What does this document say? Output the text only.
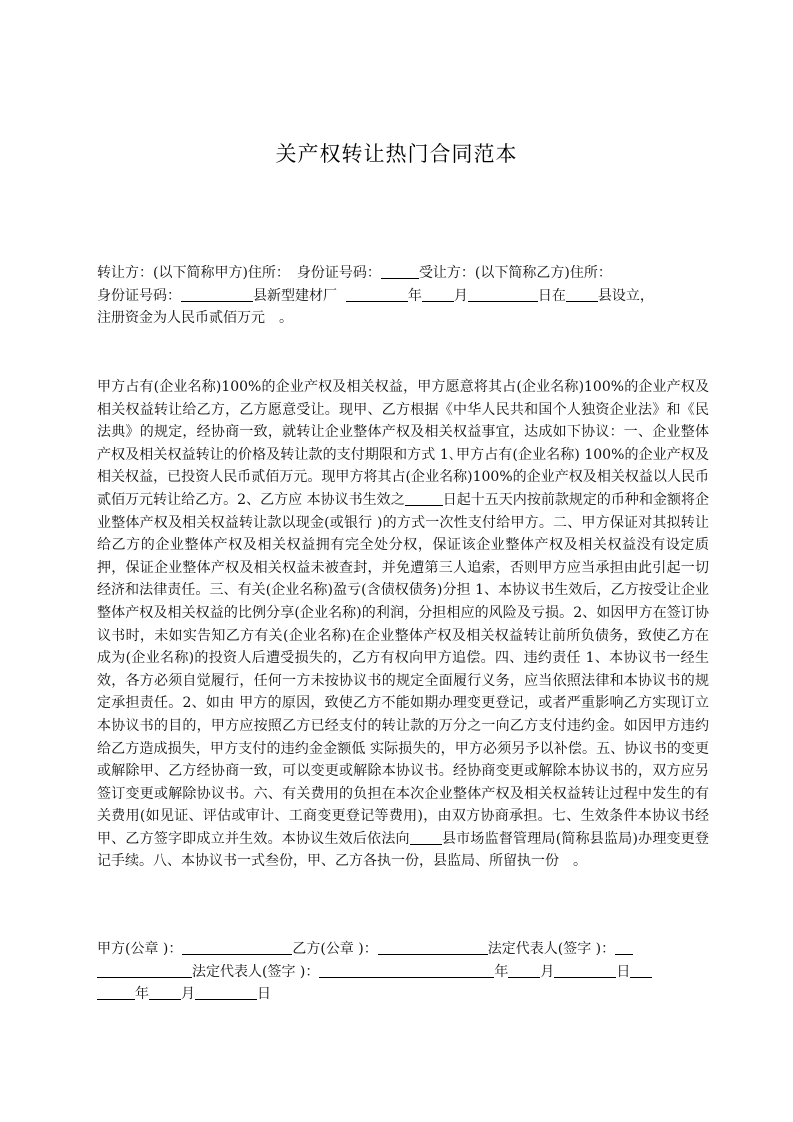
关产权转让热门合同范本
转让方：(以下简称甲方)住所：　身份证号码：	受让方：(以下简称乙方)住所：
身份证号码：	县新型建材厂	年 月	日在 县设立，
注册资金为人民币贰佰万元　。
甲方占有(企业名称)100%的企业产权及相关权益，甲方愿意将其占(企业名称)100%的企业产权及相关权益转让给乙方，乙方愿意受让。现甲、乙方根据《中华人民共和国个人独资企业法》和《民法典》的规定，经协商一致，就转让企业整体产权及相关权益事宜，达成如下协议：一、企业整体产权及相关权益转让的价格及转让款的支付期限和方式 1､甲方占有(企业名称) 100%的企业产权及相关权益，已投资人民币贰佰万元。现甲方将其占(企业名称)100%的企业产权及相关权益以人民币贰佰万元转让给乙方。2、乙方应 本协议书生效之	日起十五天内按前款规定的币种和金额将企业整体产权及相关权益转让款以现金(或银行 )的方式一次性支付给甲方。二、甲方保证对其拟转让给乙方的企业整体产权及相关权益拥有完全处分权，保证该企业整体产权及相关权益没有设定质押，保证企业整体产权及相关权益未被查封，并免遭第三人追索，否则甲方应当承担由此引起一切经济和法律责任。三、有关(企业名称)盈亏(含债权债务)分担 1、本协议书生效后，乙方按受让企业整体产权及相关权益的比例分享(企业名称)的利润，分担相应的风险及亏损。2、如因甲方在签订协议书时，未如实告知乙方有关(企业名称)在企业整体产权及相关权益转让前所负债务，致使乙方在成为(企业名称)的投资人后遭受损失的，乙方有权向甲方追偿。四、违约责任 1、本协议书一经生效，各方必须自觉履行，任何一方未按协议书的规定全面履行义务，应当依照法律和本协议书的规定承担责任。2、如由 甲方的原因，致使乙方不能如期办理变更登记，或者严重影响乙方实现订立本协议书的目的，甲方应按照乙方已经支付的转让款的万分之一向乙方支付违约金。如因甲方违约给乙方造成损失，甲方支付的违约金金额低 实际损失的，甲方必须另予以补偿。五、协议书的变更或解除甲、乙方经协商一致，可以变更或解除本协议书。经协商变更或解除本协议书的，双方应另签订变更或解除协议书。六、有关费用的负担在本次企业整体产权及相关权益转让过程中发生的有关费用(如见证、评估或审计、工商变更登记等费用)，由双方协商承担。七、生效条件本协议书经甲、乙方签字即成立并生效。本协议生效后依法向 县市场监督管理局(简称县监局)办理变更登记手续。八、本协议书一式叁份，甲、乙方各执一份，县监局、所留执一份　。
甲方(公章 )：	乙方(公章 )：	法定代表人(签字 )：
法定代表人(签字 )：	年 月	日
年 月	日
